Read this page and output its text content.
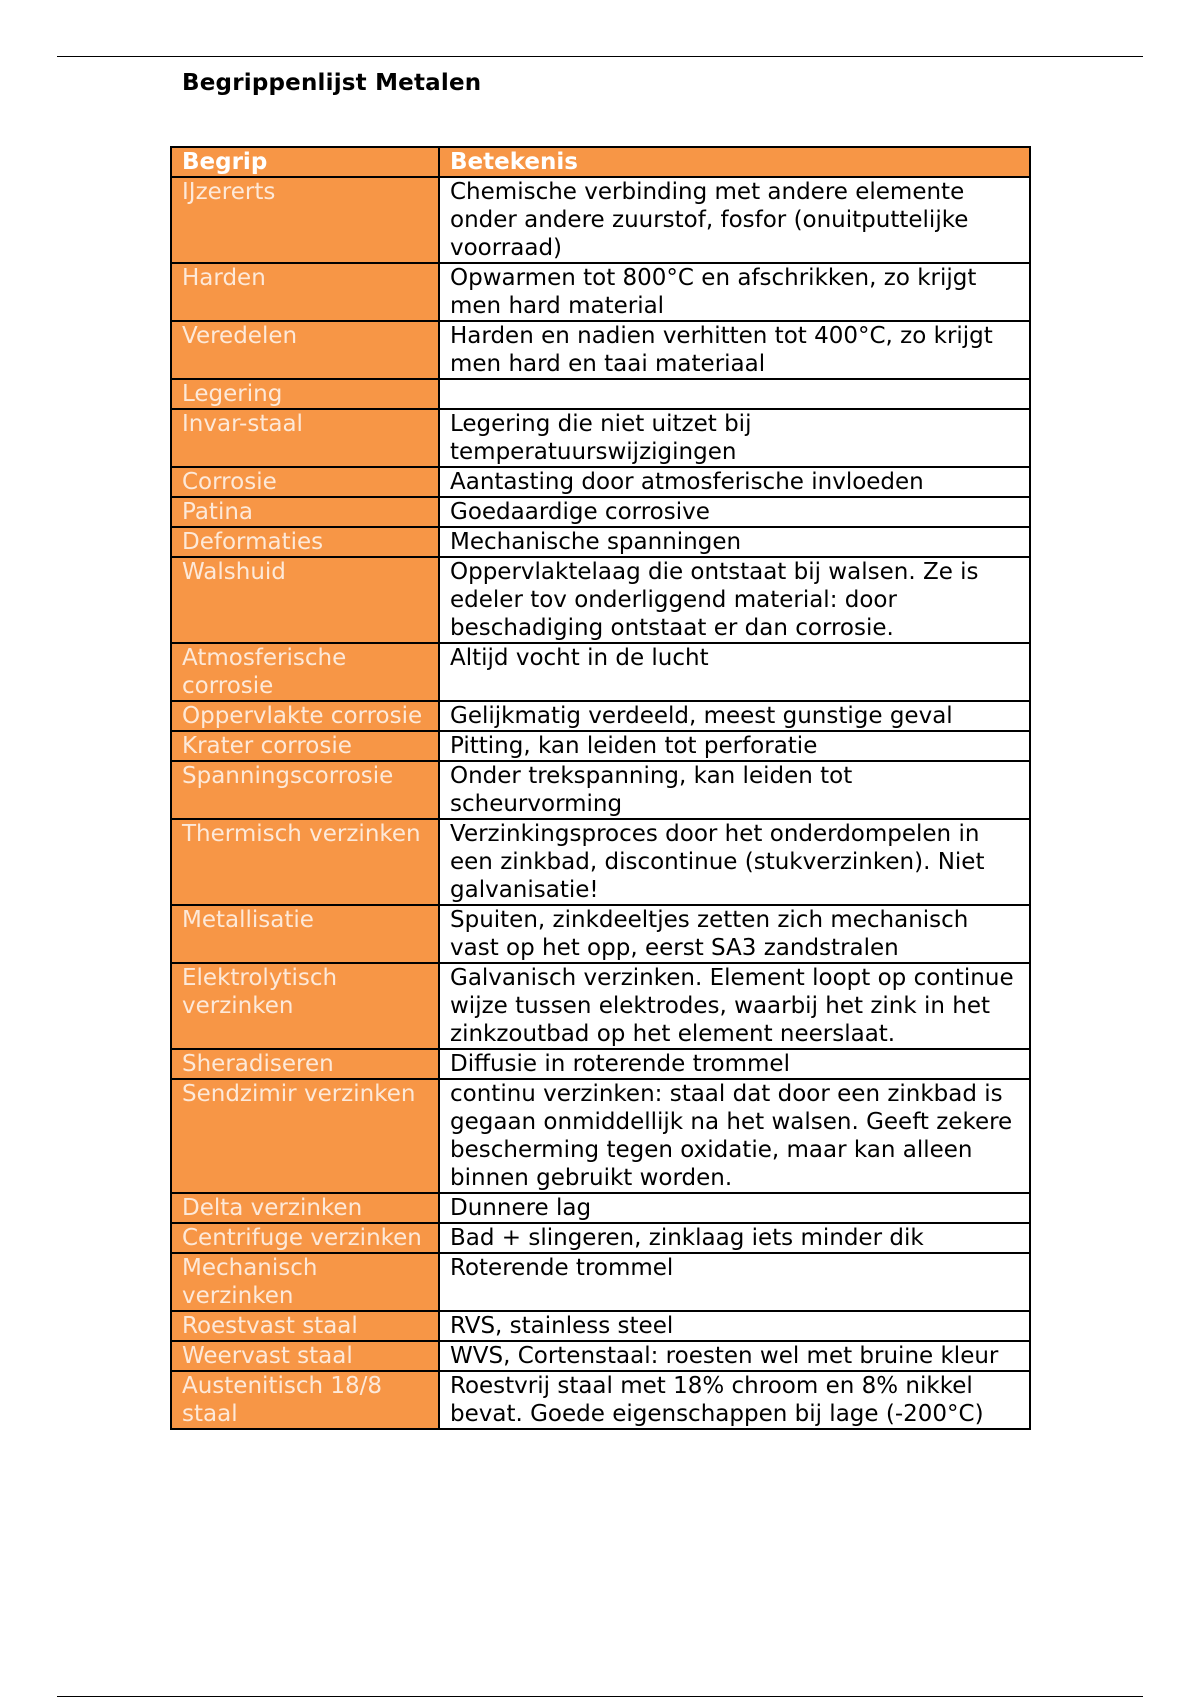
Begrippenlijst Metalen
Begrip	Betekenis
IJzererts	Chemische verbinding met andere elemente onder andere zuurstof, fosfor (onuitputtelijke voorraad)
Harden	Opwarmen tot 800°C en afschrikken, zo krijgt men hard material
Veredelen	Harden en nadien verhitten tot 400°C, zo krijgt men hard en taai materiaal
Legering	
Invar-staal	Legering die niet uitzet bij temperatuurswijzigingen
Corrosie	Aantasting door atmosferische invloeden
Patina	Goedaardige corrosive
Deformaties	Mechanische spanningen
Walshuid	Oppervlaktelaag die ontstaat bij walsen. Ze is edeler tov onderliggend material: door beschadiging ontstaat er dan corrosie.
Atmosferische corrosie	Altijd vocht in de lucht
Oppervlakte corrosie	Gelijkmatig verdeeld, meest gunstige geval
Krater corrosie	Pitting, kan leiden tot perforatie
Spanningscorrosie	Onder trekspanning, kan leiden tot scheurvorming
Thermisch verzinken	Verzinkingsproces door het onderdompelen in een zinkbad, discontinue (stukverzinken). Niet galvanisatie!
Metallisatie	Spuiten, zinkdeeltjes zetten zich mechanisch vast op het opp, eerst SA3 zandstralen
Elektrolytisch verzinken	Galvanisch verzinken. Element loopt op continue wijze tussen elektrodes, waarbij het zink in het zinkzoutbad op het element neerslaat.
Sheradiseren	Diffusie in roterende trommel
Sendzimir verzinken	continu verzinken: staal dat door een zinkbad is gegaan onmiddellijk na het walsen. Geeft zekere bescherming tegen oxidatie, maar kan alleen binnen gebruikt worden.
Delta verzinken	Dunnere lag
Centrifuge verzinken	Bad + slingeren, zinklaag iets minder dik
Mechanisch verzinken	Roterende trommel
Roestvast staal	RVS, stainless steel
Weervast staal	WVS, Cortenstaal: roesten wel met bruine kleur
Austenitisch 18/8 staal	Roestvrij staal met 18% chroom en 8% nikkel bevat. Goede eigenschappen bij lage (-200°C)
